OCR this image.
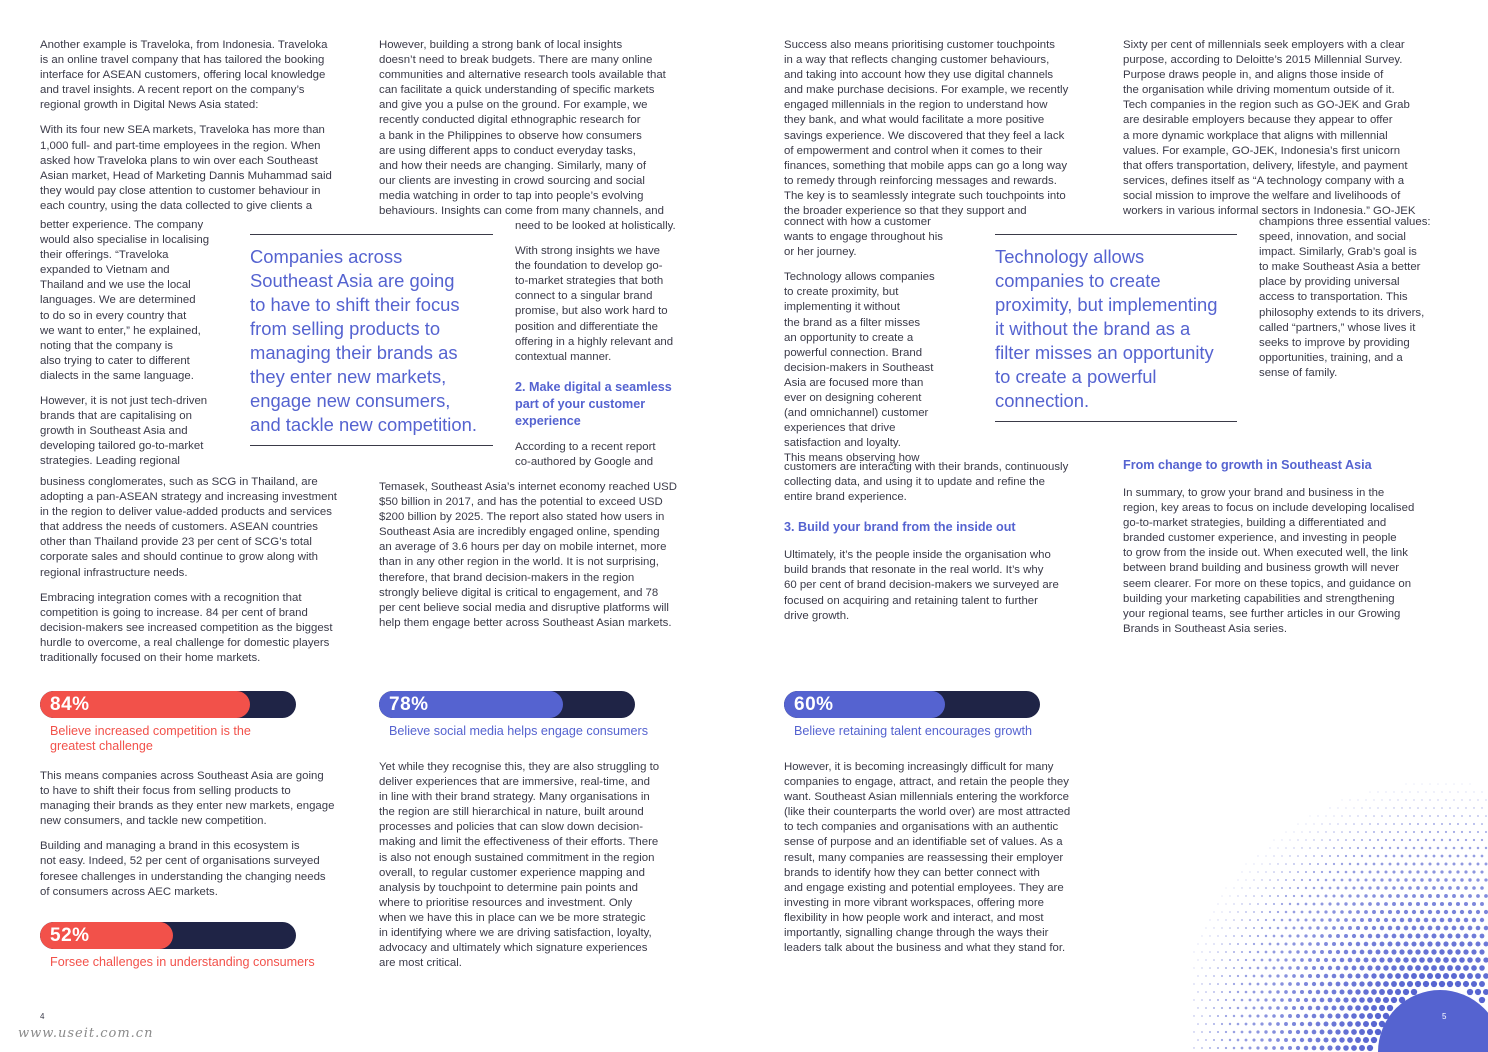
Another example is Traveloka, from Indonesia. Traveloka
is an online travel company that has tailored the booking
interface for ASEAN customers, offering local knowledge
and travel insights. A recent report on the company’s
regional growth in Digital News Asia stated:

With its four new SEA markets, Traveloka has more than
1,000 full- and part-time employees in the region. When
asked how Traveloka plans to win over each Southeast
Asian market, Head of Marketing Dannis Muhammad said
they would pay close attention to customer behaviour in
each country, using the data collected to give clients a

better experience. The company
would also specialise in localising
their offerings. “Traveloka
expanded to Vietnam and
Thailand and we use the local
languages. We are determined
to do so in every country that
we want to enter,” he explained,
noting that the company is
also trying to cater to different
dialects in the same language.

However, it is not just tech-driven
brands that are capitalising on
growth in Southeast Asia and
developing tailored go-to-market
strategies. Leading regional

business conglomerates, such as SCG in Thailand, are
adopting a pan-ASEAN strategy and increasing investment
in the region to deliver value-added products and services
that address the needs of customers. ASEAN countries
other than Thailand provide 23 per cent of SCG’s total
corporate sales and should continue to grow along with
regional infrastructure needs.

Embracing integration comes with a recognition that
competition is going to increase. 84 per cent of brand
decision-makers see increased competition as the biggest
hurdle to overcome, a real challenge for domestic players
traditionally focused on their home markets.

Companies across
Southeast Asia are going
to have to shift their focus
from selling products to
managing their brands as
they enter new markets,
engage new consumers,
and tackle new competition.

However, building a strong bank of local insights
doesn’t need to break budgets. There are many online
communities and alternative research tools available that
can facilitate a quick understanding of specific markets
and give you a pulse on the ground. For example, we
recently conducted digital ethnographic research for
a bank in the Philippines to observe how consumers
are using different apps to conduct everyday tasks,
and how their needs are changing. Similarly, many of
our clients are investing in crowd sourcing and social
media watching in order to tap into people’s evolving
behaviours. Insights can come from many channels, and

need to be looked at holistically.

With strong insights we have
the foundation to develop go-
to-market strategies that both
connect to a singular brand
promise, but also work hard to
position and differentiate the
offering in a highly relevant and
contextual manner.

2. Make digital a seamless
part of your customer
experience

According to a recent report
co-authored by Google and

Temasek, Southeast Asia’s internet economy reached USD
$50 billion in 2017, and has the potential to exceed USD
$200 billion by 2025. The report also stated how users in
Southeast Asia are incredibly engaged online, spending
an average of 3.6 hours per day on mobile internet, more
than in any other region in the world. It is not surprising,
therefore, that brand decision-makers in the region
strongly believe digital is critical to engagement, and 78
per cent believe social media and disruptive platforms will
help them engage better across Southeast Asian markets.

84%
Believe increased competition is the
greatest challenge
78%
Believe social media helps engage consumers

This means companies across Southeast Asia are going
to have to shift their focus from selling products to
managing their brands as they enter new markets, engage
new consumers, and tackle new competition.

Building and managing a brand in this ecosystem is
not easy. Indeed, 52 per cent of organisations surveyed
foresee challenges in understanding the changing needs
of consumers across AEC markets.

52%
Forsee challenges in understanding consumers

Yet while they recognise this, they are also struggling to
deliver experiences that are immersive, real-time, and
in line with their brand strategy. Many organisations in
the region are still hierarchical in nature, built around
processes and policies that can slow down decision-
making and limit the effectiveness of their efforts. There
is also not enough sustained commitment in the region
overall, to regular customer experience mapping and
analysis by touchpoint to determine pain points and
where to prioritise resources and investment. Only
when we have this in place can we be more strategic
in identifying where we are driving satisfaction, loyalty,
advocacy and ultimately which signature experiences
are most critical.

4

Success also means prioritising customer touchpoints
in a way that reflects changing customer behaviours,
and taking into account how they use digital channels
and make purchase decisions. For example, we recently
engaged millennials in the region to understand how
they bank, and what would facilitate a more positive
savings experience. We discovered that they feel a lack
of empowerment and control when it comes to their
finances, something that mobile apps can go a long way
to remedy through reinforcing messages and rewards.
The key is to seamlessly integrate such touchpoints into
the broader experience so that they support and

connect with how a customer
wants to engage throughout his
or her journey.

Technology allows companies
to create proximity, but
implementing it without
the brand as a filter misses
an opportunity to create a
powerful connection. Brand
decision-makers in Southeast
Asia are focused more than
ever on designing coherent
(and omnichannel) customer
experiences that drive
satisfaction and loyalty.
This means observing how

customers are interacting with their brands, continuously
collecting data, and using it to update and refine the
entire brand experience.

3. Build your brand from the inside out

Ultimately, it’s the people inside the organisation who
build brands that resonate in the real world. It’s why
60 per cent of brand decision-makers we surveyed are
focused on acquiring and retaining talent to further
drive growth.

Technology allows
companies to create
proximity, but implementing
it without the brand as a
filter misses an opportunity
to create a powerful
connection.

Sixty per cent of millennials seek employers with a clear
purpose, according to Deloitte’s 2015 Millennial Survey.
Purpose draws people in, and aligns those inside of
the organisation while driving momentum outside of it.
Tech companies in the region such as GO-JEK and Grab
are desirable employers because they appear to offer
a more dynamic workplace that aligns with millennial
values. For example, GO-JEK, Indonesia’s first unicorn
that offers transportation, delivery, lifestyle, and payment
services, defines itself as “A technology company with a
social mission to improve the welfare and livelihoods of
workers in various informal sectors in Indonesia.” GO-JEK

champions three essential values:
speed, innovation, and social
impact. Similarly, Grab’s goal is
to make Southeast Asia a better
place by providing universal
access to transportation. This
philosophy extends to its drivers,
called “partners,” whose lives it
seeks to improve by providing
opportunities, training, and a
sense of family.

From change to growth in Southeast Asia

In summary, to grow your brand and business in the
region, key areas to focus on include developing localised
go-to-market strategies, building a differentiated and
branded customer experience, and investing in people
to grow from the inside out. When executed well, the link
between brand building and business growth will never
seem clearer. For more on these topics, and guidance on
building your marketing capabilities and strengthening
your regional teams, see further articles in our Growing
Brands in Southeast Asia series.

60%
Believe retaining talent encourages growth

However, it is becoming increasingly difficult for many
companies to engage, attract, and retain the people they
want. Southeast Asian millennials entering the workforce
(like their counterparts the world over) are most attracted
to tech companies and organisations with an authentic
sense of purpose and an identifiable set of values. As a
result, many companies are reassessing their employer
brands to identify how they can better connect with
and engage existing and potential employees. They are
investing in more vibrant workspaces, offering more
flexibility in how people work and interact, and most
importantly, signalling change through the ways their
leaders talk about the business and what they stand for.

5
www.useit.com.cn
